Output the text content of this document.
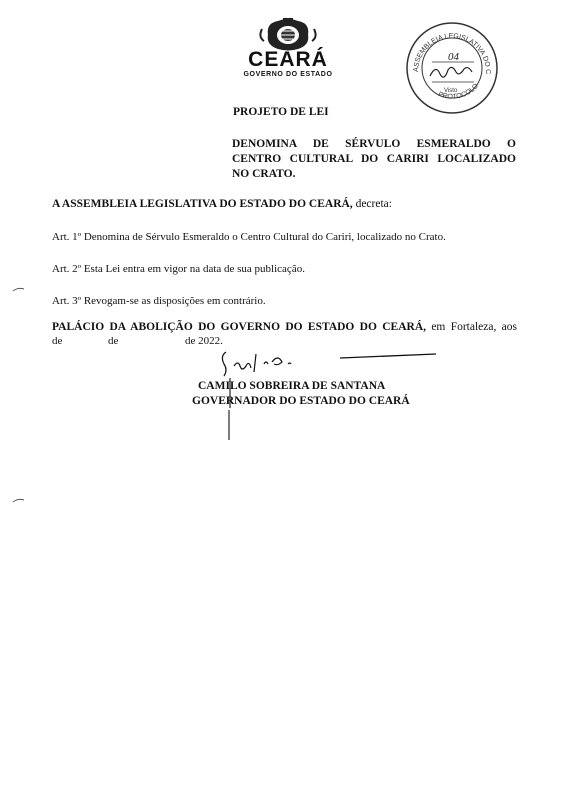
CEARÁ
GOVERNO DO ESTADO
ASSEMBLEIA LEGISLATIVA DO C
PROTOCOLO
04
Visto
PROJETO DE LEI
DENOMINA DE SÉRVULO ESMERALDO O
CENTRO CULTURAL DO CARIRI LOCALIZADO
NO CRATO.
A ASSEMBLEIA LEGISLATIVA DO ESTADO DO CEARÁ, decreta:
Art. 1º Denomina de Sérvulo Esmeraldo o Centro Cultural do Cariri, localizado no Crato.
Art. 2º Esta Lei entra em vigor na data de sua publicação.
Art. 3º Revogam-se as disposições em contrário.
PALÁCIO DA ABOLIÇÃO DO GOVERNO DO ESTADO DO CEARÁ, em Fortaleza, aos
de	de	de 2022.
CAMILO SOBREIRA DE SANTANA
GOVERNADOR DO ESTADO DO CEARÁ
